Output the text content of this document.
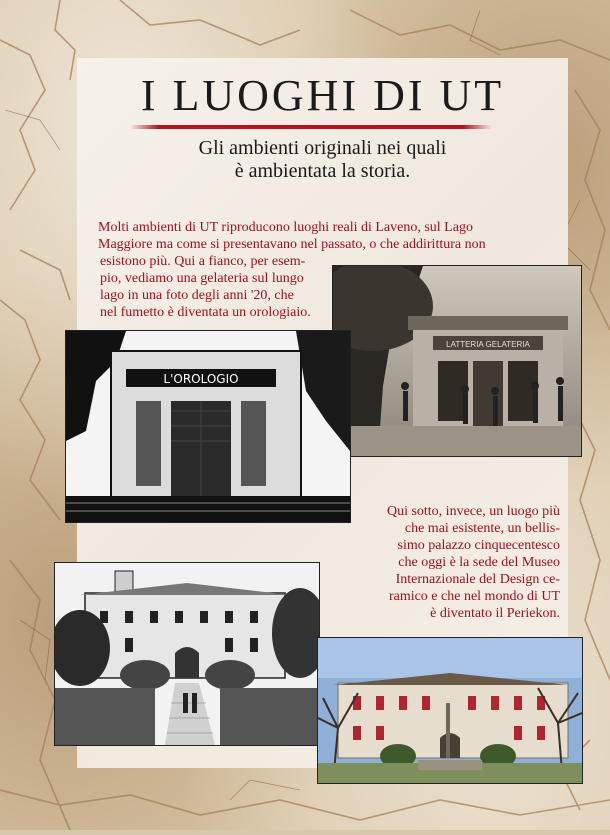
I LUOGHI DI UT
Gli ambienti originali nei quali
è ambientata la storia.
Molti ambienti di UT riproducono luoghi reali di Laveno, sul Lago
Maggiore ma come si presentavano nel passato, o che addirittura non
esistono più. Qui a fianco, per esem-
pio, vediamo una gelateria sul lungo
lago in una foto degli anni '20, che
nel fumetto è diventata un orologiaio.
LATTERIA GELATERIA
L'OROLOGIO
Qui sotto, invece, un luogo più
che mai esistente, un bellis-
simo palazzo cinquecentesco
che oggi è la sede del Museo
Internazionale del Design ce-
ramico e che nel mondo di UT
è diventato il Periekon.
